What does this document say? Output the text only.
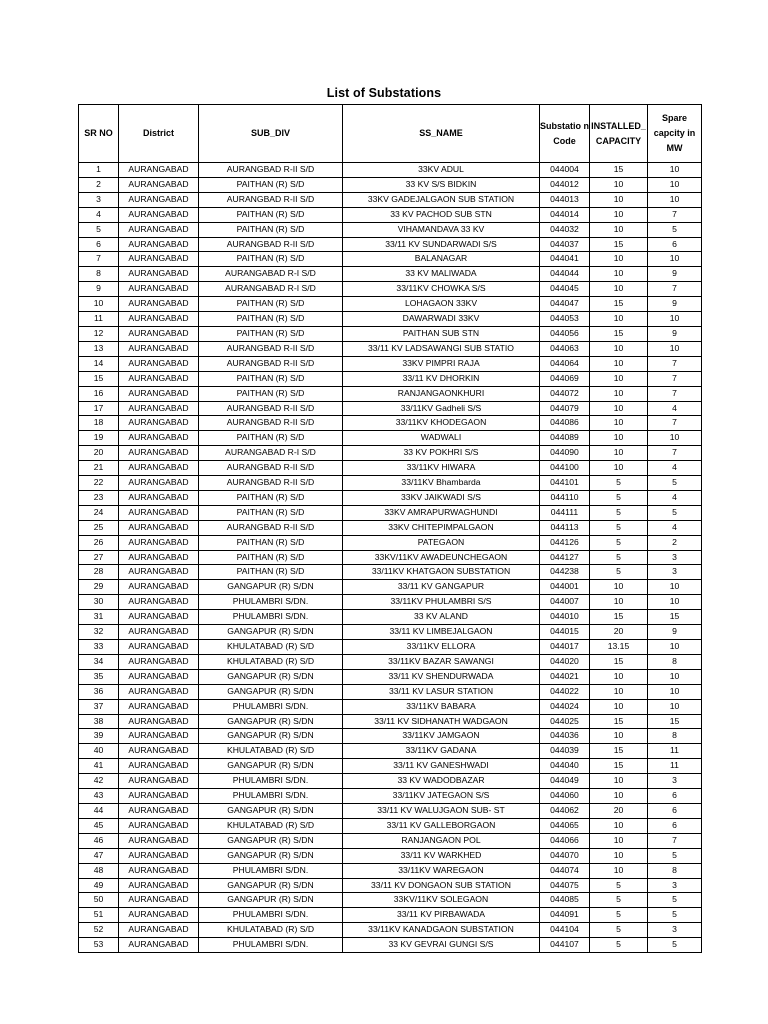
List of Substations
SR NO	District	SUB_DIV	SS_NAME	Substatio n Code	INSTALLED_ CAPACITY	Spare capcity in MW
1	AURANGABAD	AURANGBAD R-II S/D	33KV ADUL	044004	15	10
2	AURANGABAD	PAITHAN (R) S/D	33 KV S/S BIDKIN	044012	10	10
3	AURANGABAD	AURANGBAD R-II S/D	33KV GADEJALGAON SUB STATION	044013	10	10
4	AURANGABAD	PAITHAN (R) S/D	33 KV PACHOD SUB STN	044014	10	7
5	AURANGABAD	PAITHAN (R) S/D	VIHAMANDAVA 33 KV	044032	10	5
6	AURANGABAD	AURANGBAD R-II S/D	33/11 KV SUNDARWADI S/S	044037	15	6
7	AURANGABAD	PAITHAN (R) S/D	BALANAGAR	044041	10	10
8	AURANGABAD	AURANGABAD R-I S/D	33 KV MALIWADA	044044	10	9
9	AURANGABAD	AURANGABAD R-I S/D	33/11KV CHOWKA S/S	044045	10	7
10	AURANGABAD	PAITHAN (R) S/D	LOHAGAON 33KV	044047	15	9
11	AURANGABAD	PAITHAN (R) S/D	DAWARWADI 33KV	044053	10	10
12	AURANGABAD	PAITHAN (R) S/D	PAITHAN SUB STN	044056	15	9
13	AURANGABAD	AURANGBAD R-II S/D	33/11 KV LADSAWANGI SUB STATIO	044063	10	10
14	AURANGABAD	AURANGBAD R-II S/D	33KV PIMPRI RAJA	044064	10	7
15	AURANGABAD	PAITHAN (R) S/D	33/11 KV DHORKIN	044069	10	7
16	AURANGABAD	PAITHAN (R) S/D	RANJANGAONKHURI	044072	10	7
17	AURANGABAD	AURANGBAD R-II S/D	33/11KV Gadheli S/S	044079	10	4
18	AURANGABAD	AURANGBAD R-II S/D	33/11KV KHODEGAON	044086	10	7
19	AURANGABAD	PAITHAN (R) S/D	WADWALI	044089	10	10
20	AURANGABAD	AURANGABAD R-I S/D	33 KV POKHRI S/S	044090	10	7
21	AURANGABAD	AURANGBAD R-II S/D	33/11KV HIWARA	044100	10	4
22	AURANGABAD	AURANGBAD R-II S/D	33/11KV Bhambarda	044101	5	5
23	AURANGABAD	PAITHAN (R) S/D	33KV JAIKWADI S/S	044110	5	4
24	AURANGABAD	PAITHAN (R) S/D	33KV AMRAPURWAGHUNDI	044111	5	5
25	AURANGABAD	AURANGBAD R-II S/D	33KV CHITEPIMPALGAON	044113	5	4
26	AURANGABAD	PAITHAN (R) S/D	PATEGAON	044126	5	2
27	AURANGABAD	PAITHAN (R) S/D	33KV/11KV AWADEUNCHEGAON	044127	5	3
28	AURANGABAD	PAITHAN (R) S/D	33/11KV KHATGAON SUBSTATION	044238	5	3
29	AURANGABAD	GANGAPUR (R) S/DN	33/11 KV GANGAPUR	044001	10	10
30	AURANGABAD	PHULAMBRI S/DN.	33/11KV PHULAMBRI S/S	044007	10	10
31	AURANGABAD	PHULAMBRI S/DN.	33 KV ALAND	044010	15	15
32	AURANGABAD	GANGAPUR (R) S/DN	33/11 KV LIMBEJALGAON	044015	20	9
33	AURANGABAD	KHULATABAD (R) S/D	33/11KV ELLORA	044017	13.15	10
34	AURANGABAD	KHULATABAD (R) S/D	33/11KV BAZAR SAWANGI	044020	15	8
35	AURANGABAD	GANGAPUR (R) S/DN	33/11 KV SHENDURWADA	044021	10	10
36	AURANGABAD	GANGAPUR (R) S/DN	33/11 KV LASUR STATION	044022	10	10
37	AURANGABAD	PHULAMBRI S/DN.	33/11KV BABARA	044024	10	10
38	AURANGABAD	GANGAPUR (R) S/DN	33/11 KV SIDHANATH WADGAON	044025	15	15
39	AURANGABAD	GANGAPUR (R) S/DN	33/11KV JAMGAON	044036	10	8
40	AURANGABAD	KHULATABAD (R) S/D	33/11KV GADANA	044039	15	11
41	AURANGABAD	GANGAPUR (R) S/DN	33/11 KV GANESHWADI	044040	15	11
42	AURANGABAD	PHULAMBRI S/DN.	33 KV WADODBAZAR	044049	10	3
43	AURANGABAD	PHULAMBRI S/DN.	33/11KV JATEGAON S/S	044060	10	6
44	AURANGABAD	GANGAPUR (R) S/DN	33/11 KV WALUJGAON SUB- ST	044062	20	6
45	AURANGABAD	KHULATABAD (R) S/D	33/11 KV GALLEBORGAON	044065	10	6
46	AURANGABAD	GANGAPUR (R) S/DN	RANJANGAON POL	044066	10	7
47	AURANGABAD	GANGAPUR (R) S/DN	33/11 KV WARKHED	044070	10	5
48	AURANGABAD	PHULAMBRI S/DN.	33/11KV WAREGAON	044074	10	8
49	AURANGABAD	GANGAPUR (R) S/DN	33/11 KV DONGAON SUB STATION	044075	5	3
50	AURANGABAD	GANGAPUR (R) S/DN	33KV/11KV SOLEGAON	044085	5	5
51	AURANGABAD	PHULAMBRI S/DN.	33/11 KV PIRBAWADA	044091	5	5
52	AURANGABAD	KHULATABAD (R) S/D	33/11KV KANADGAON SUBSTATION	044104	5	3
53	AURANGABAD	PHULAMBRI S/DN.	33 KV GEVRAI GUNGI S/S	044107	5	5
